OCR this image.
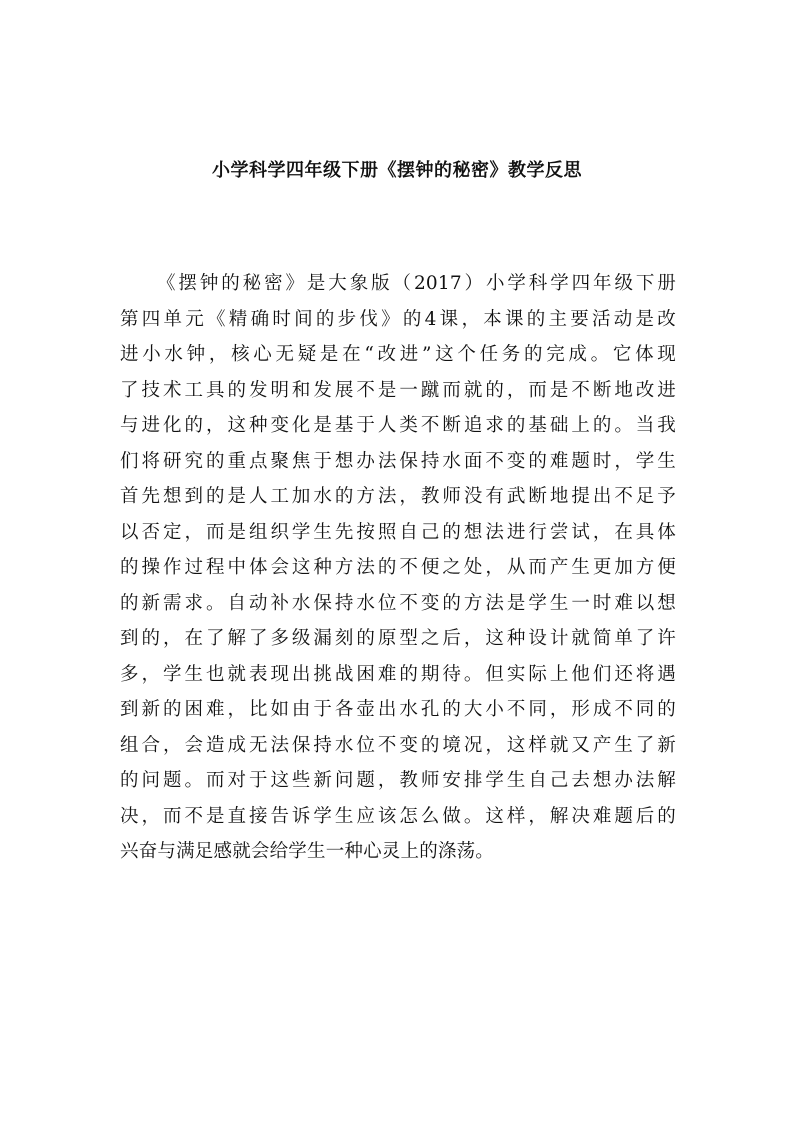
小学科学四年级下册《摆钟的秘密》教学反思
《摆钟的秘密》是大象版（2017）小学科学四年级下册
第四单元《精确时间的步伐》的4课，本课的主要活动是改
进小水钟，核心无疑是在“改进”这个任务的完成。它体现
了技术工具的发明和发展不是一蹴而就的，而是不断地改进
与进化的，这种变化是基于人类不断追求的基础上的。当我
们将研究的重点聚焦于想办法保持水面不变的难题时，学生
首先想到的是人工加水的方法，教师没有武断地提出不足予
以否定，而是组织学生先按照自己的想法进行尝试，在具体
的操作过程中体会这种方法的不便之处，从而产生更加方便
的新需求。自动补水保持水位不变的方法是学生一时难以想
到的，在了解了多级漏刻的原型之后，这种设计就简单了许
多，学生也就表现出挑战困难的期待。但实际上他们还将遇
到新的困难，比如由于各壶出水孔的大小不同，形成不同的
组合，会造成无法保持水位不变的境况，这样就又产生了新
的问题。而对于这些新问题，教师安排学生自己去想办法解
决，而不是直接告诉学生应该怎么做。这样，解决难题后的
兴奋与满足感就会给学生一种心灵上的涤荡。
